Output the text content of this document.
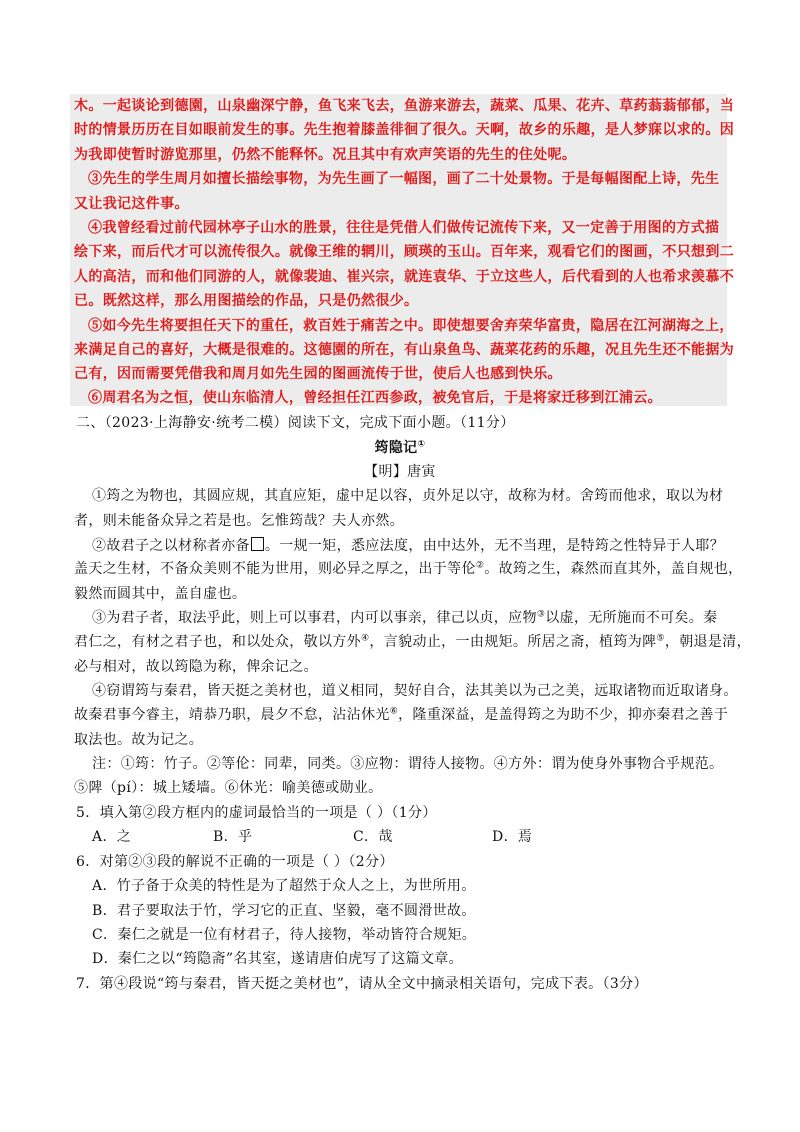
木。一起谈论到德園，山泉幽深宁静，鱼飞来飞去，鱼游来游去，蔬菜、瓜果、花卉、草药蓊蓊郁郁，当
时的情景历历在目如眼前发生的事。先生抱着膝盖徘徊了很久。天啊，故乡的乐趣，是人梦寐以求的。因
为我即使暂时游览那里，仍然不能释怀。况且其中有欢声笑语的先生的住处呢。
③先生的学生周月如擅长描绘事物，为先生画了一幅图，画了二十处景物。于是每幅图配上诗，先生
又让我记这件事。
④我曾经看过前代园林亭子山水的胜景，往往是凭借人们做传记流传下来，又一定善于用图的方式描
绘下来，而后代才可以流传很久。就像王维的辋川，顾瑛的玉山。百年来，观看它们的图画，不只想到二
人的高洁，而和他们同游的人，就像裴迪、崔兴宗，就连袁华、于立这些人，后代看到的人也希求羡慕不
已。既然这样，那么用图描绘的作品，只是仍然很少。
⑤如今先生将要担任天下的重任，救百姓于痛苦之中。即使想要舍弃荣华富贵，隐居在江河湖海之上，
来满足自己的喜好，大概是很难的。这德園的所在，有山泉鱼鸟、蔬菜花药的乐趣，况且先生还不能据为
己有，因而需要凭借我和周月如先生园的图画流传于世，使后人也感到快乐。
⑥周君名为之恒，使山东临清人，曾经担任江西参政，被免官后，于是将家迁移到江浦云。
二、（2023·上海静安·统考二模）阅读下文，完成下面小题。（11分）
筠隐记①
【明】唐寅
①筠之为物也，其圆应规，其直应矩，虚中足以容，贞外足以守，故称为材。舍筠而他求，取以为材
者，则未能备众异之若是也。乞惟筠哉？夫人亦然。
②故君子之以材称者亦备 。一规一矩，悉应法度，由中达外，无不当理，是特筠之性特异于人耶？
盖天之生材，不备众美则不能为世用，则必异之厚之，出于等伦②。故筠之生，森然而直其外，盖自规也，
毅然而圆其中，盖自虚也。
③为君子者，取法乎此，则上可以事君，内可以事亲，律己以贞，应物③以虚，无所施而不可矣。秦
君仁之，有材之君子也，和以处众，敬以方外④，言貌动止，一由规矩。所居之斋，植筠为陴⑤，朝退是清，
必与相对，故以筠隐为称，俾余记之。
④窃谓筠与秦君，皆天挺之美材也，道义相同，契好自合，法其美以为己之美，远取诸物而近取诸身。
故秦君事今睿主，靖恭乃职，晨夕不怠，沾沾休光⑥，隆重深益，是盖得筠之为助不少，抑亦秦君之善于
取法也。故为记之。
注：①筠：竹子。②等伦：同辈，同类。③应物：谓待人接物。④方外：谓为使身外事物合乎规范。
⑤陴（pí）：城上矮墙。⑥休光：喻美德或勋业。
5．填入第②段方框内的虚词最恰当的一项是（ ）（1分）
A．之	B．乎	C．哉	D．焉
6．对第②③段的解说不正确的一项是（ ）（2分）
A．竹子备于众美的特性是为了超然于众人之上，为世所用。
B．君子要取法于竹，学习它的正直、坚毅，毫不圆滑世故。
C．秦仁之就是一位有材君子，待人接物，举动皆符合规矩。
D．秦仁之以“筠隐斋”名其室，遂请唐伯虎写了这篇文章。
7．第④段说“筠与秦君，皆天挺之美材也”，请从全文中摘录相关语句，完成下表。（3分）
